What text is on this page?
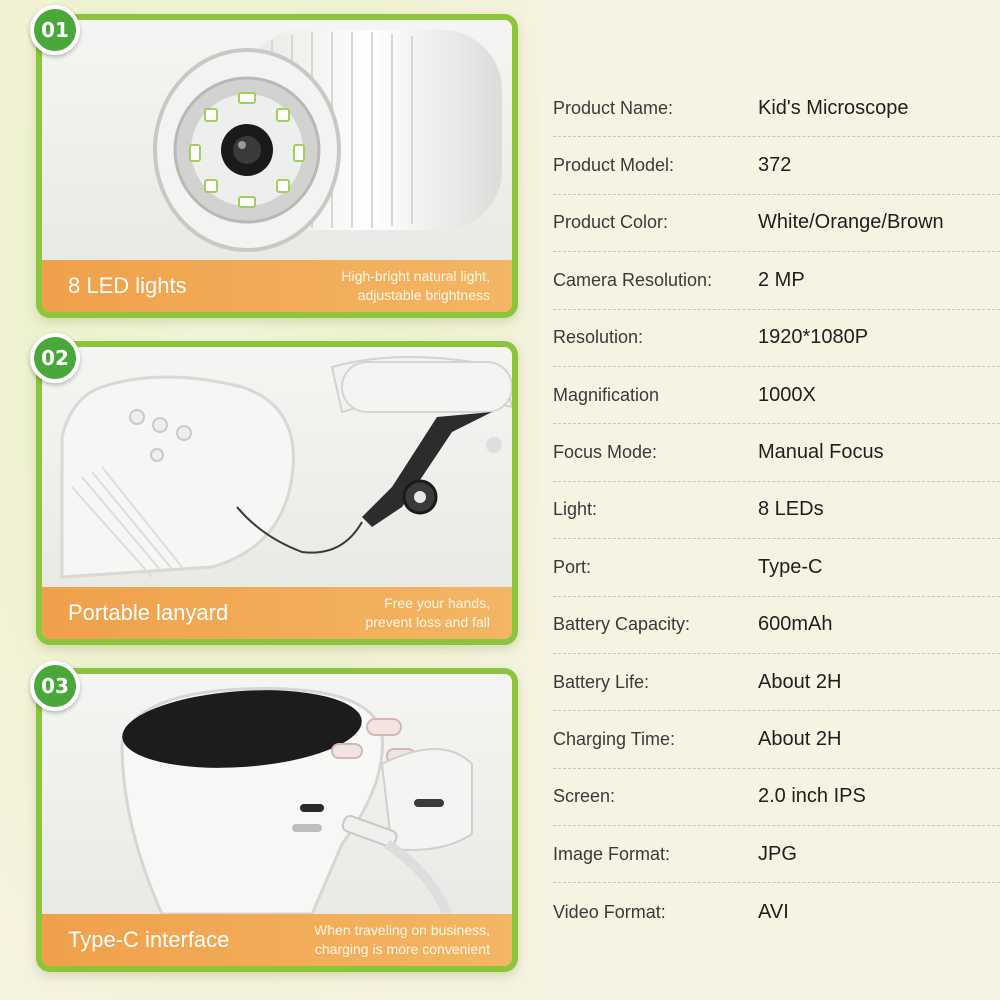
01
8 LED lights	High-bright natural light,
adjustable brightness
02
Portable lanyard	Free your hands,
prevent loss and fall
03
Type-C interface	When traveling on business,
charging is more convenient
Product Name:	Kid's Microscope
Product Model:	372
Product Color:	White/Orange/Brown
Camera Resolution:	2 MP
Resolution:	1920*1080P
Magnification	1000X
Focus Mode:	Manual Focus
Light:	8 LEDs
Port:	Type-C
Battery Capacity:	600mAh
Battery Life:	About 2H
Charging Time:	About 2H
Screen:	2.0 inch IPS
Image Format:	JPG
Video Format:	AVI
